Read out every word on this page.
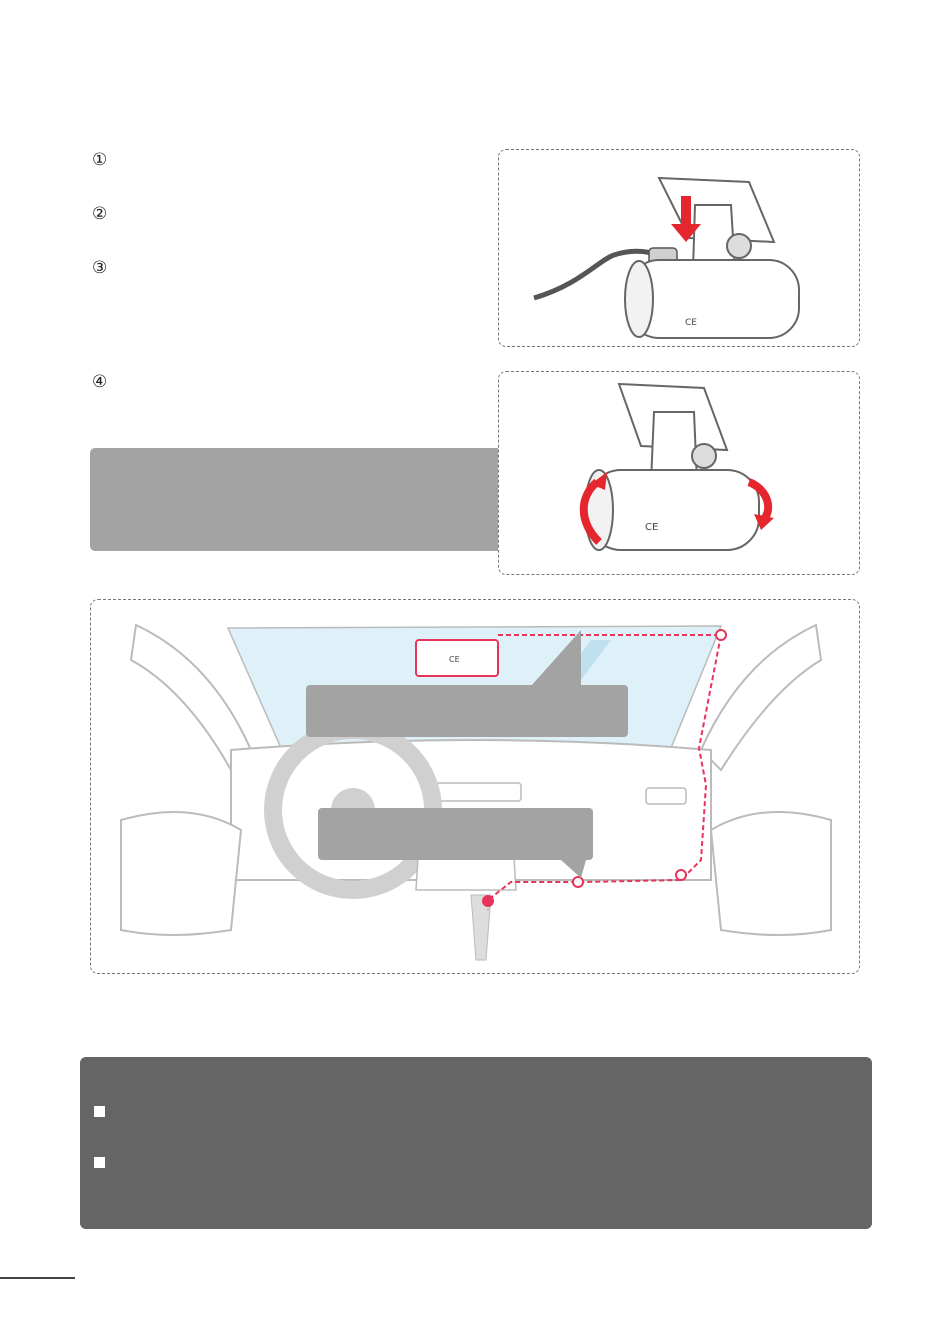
①
②
③
④
CE
CE
CE
